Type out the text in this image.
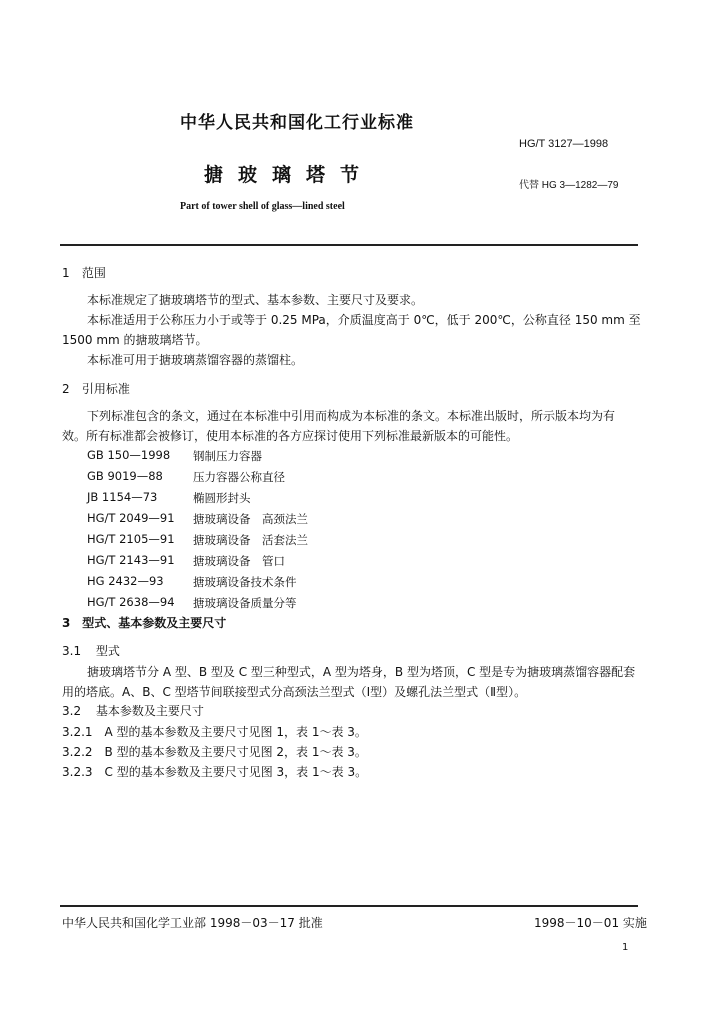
中华人民共和国化工行业标准
HG/T 3127—1998
搪玻璃塔节	代替 HG 3—1282—79
Part of tower shell of glass—lined steel
1 范围
本标准规定了搪玻璃塔节的型式、基本参数、主要尺寸及要求。
本标准适用于公称压力小于或等于 0.25 MPa，介质温度高于 0℃，低于 200℃，公称直径 150 mm 至
1500 mm 的搪玻璃塔节。
本标准可用于搪玻璃蒸馏容器的蒸馏柱。
2 引用标准
下列标准包含的条文，通过在本标准中引用而构成为本标准的条文。本标准出版时，所示版本均为有
效。所有标准都会被修订，使用本标准的各方应探讨使用下列标准最新版本的可能性。
GB 150—1998 钢制压力容器
GB 9019—88	压力容器公称直径
JB 1154—73	椭圆形封头
HG/T 2049—91 搪玻璃设备　高颈法兰
HG/T 2105—91 搪玻璃设备　活套法兰
HG/T 2143—91 搪玻璃设备　管口
HG 2432—93	搪玻璃设备技术条件
HG/T 2638—94 搪玻璃设备质量分等
3 型式、基本参数及主要尺寸
3.1 型式
搪玻璃塔节分 A 型、B 型及 C 型三种型式，A 型为塔身，B 型为塔顶，C 型是专为搪玻璃蒸馏容器配套
用的塔底。A、B、C 型塔节间联接型式分高颈法兰型式（Ⅰ型）及螺孔法兰型式（Ⅱ型）。
3.2 基本参数及主要尺寸
3.2.1　A 型的基本参数及主要尺寸见图 1，表 1～表 3。
3.2.2　B 型的基本参数及主要尺寸见图 2，表 1～表 3。
3.2.3　C 型的基本参数及主要尺寸见图 3，表 1～表 3。
中华人民共和国化学工业部 1998－03－17 批准	1998－10－01 实施
1
